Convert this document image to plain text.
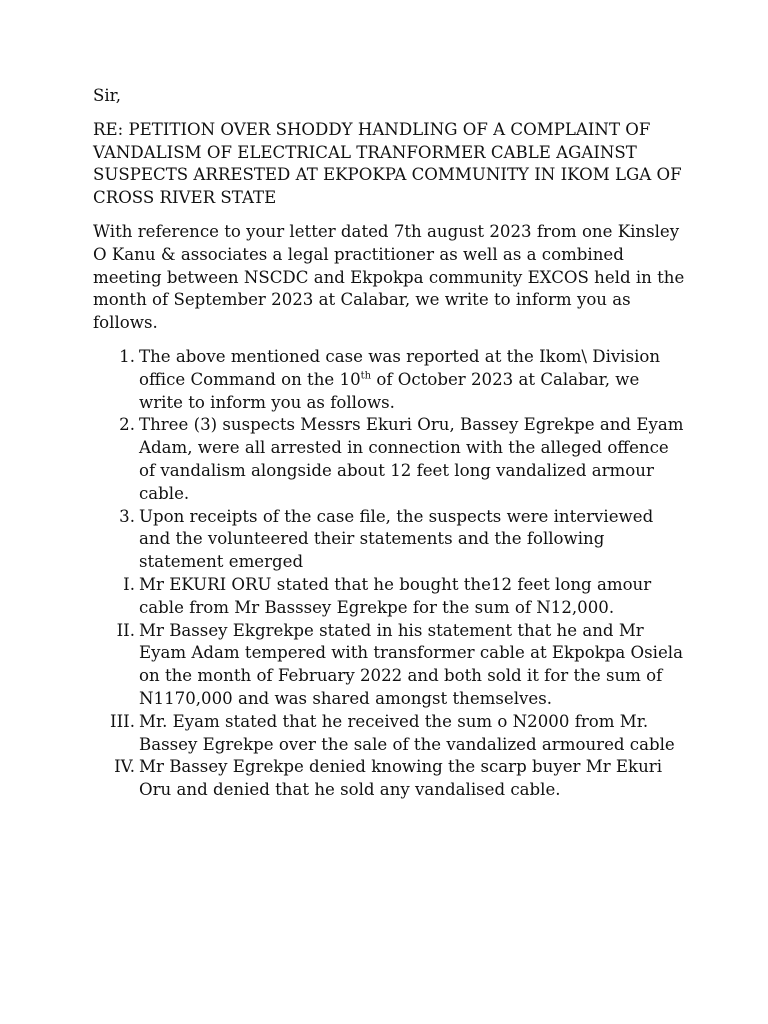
Sir,

RE: PETITION OVER SHODDY HANDLING OF A COMPLAINT OF VANDALISM OF ELECTRICAL TRANFORMER CABLE AGAINST SUSPECTS ARRESTED AT EKPOKPA COMMUNITY IN IKOM LGA OF CROSS RIVER STATE

With reference to your letter dated 7th august 2023 from one Kinsley O Kanu & associates a legal practitioner as well as a combined meeting between NSCDC and Ekpokpa community EXCOS held in the month of September 2023 at Calabar, we write to inform you as follows.

1. The above mentioned case was reported at the Ikom\ Division office Command on the 10th of October 2023 at Calabar, we write to inform you as follows.
2. Three (3) suspects Messrs Ekuri Oru, Bassey Egrekpe and Eyam Adam, were all arrested in connection with the alleged offence of vandalism alongside about 12 feet long vandalized armour cable.
3. Upon receipts of the case file, the suspects were interviewed and the volunteered their statements and the following statement emerged
I. Mr EKURI ORU stated that he bought the12 feet long amour cable from Mr Basssey Egrekpe for the sum of N12,000.
II. Mr Bassey Ekgrekpe stated in his statement that he and Mr Eyam Adam tempered with transformer cable at Ekpokpa Osiela on the month of February 2022 and both sold it for the sum of N1170,000 and was shared amongst themselves.
III. Mr. Eyam stated that he received the sum o N2000 from Mr. Bassey Egrekpe over the sale of the vandalized armoured cable
IV. Mr Bassey Egrekpe denied knowing the scarp buyer Mr Ekuri Oru and denied that he sold any vandalised cable.
